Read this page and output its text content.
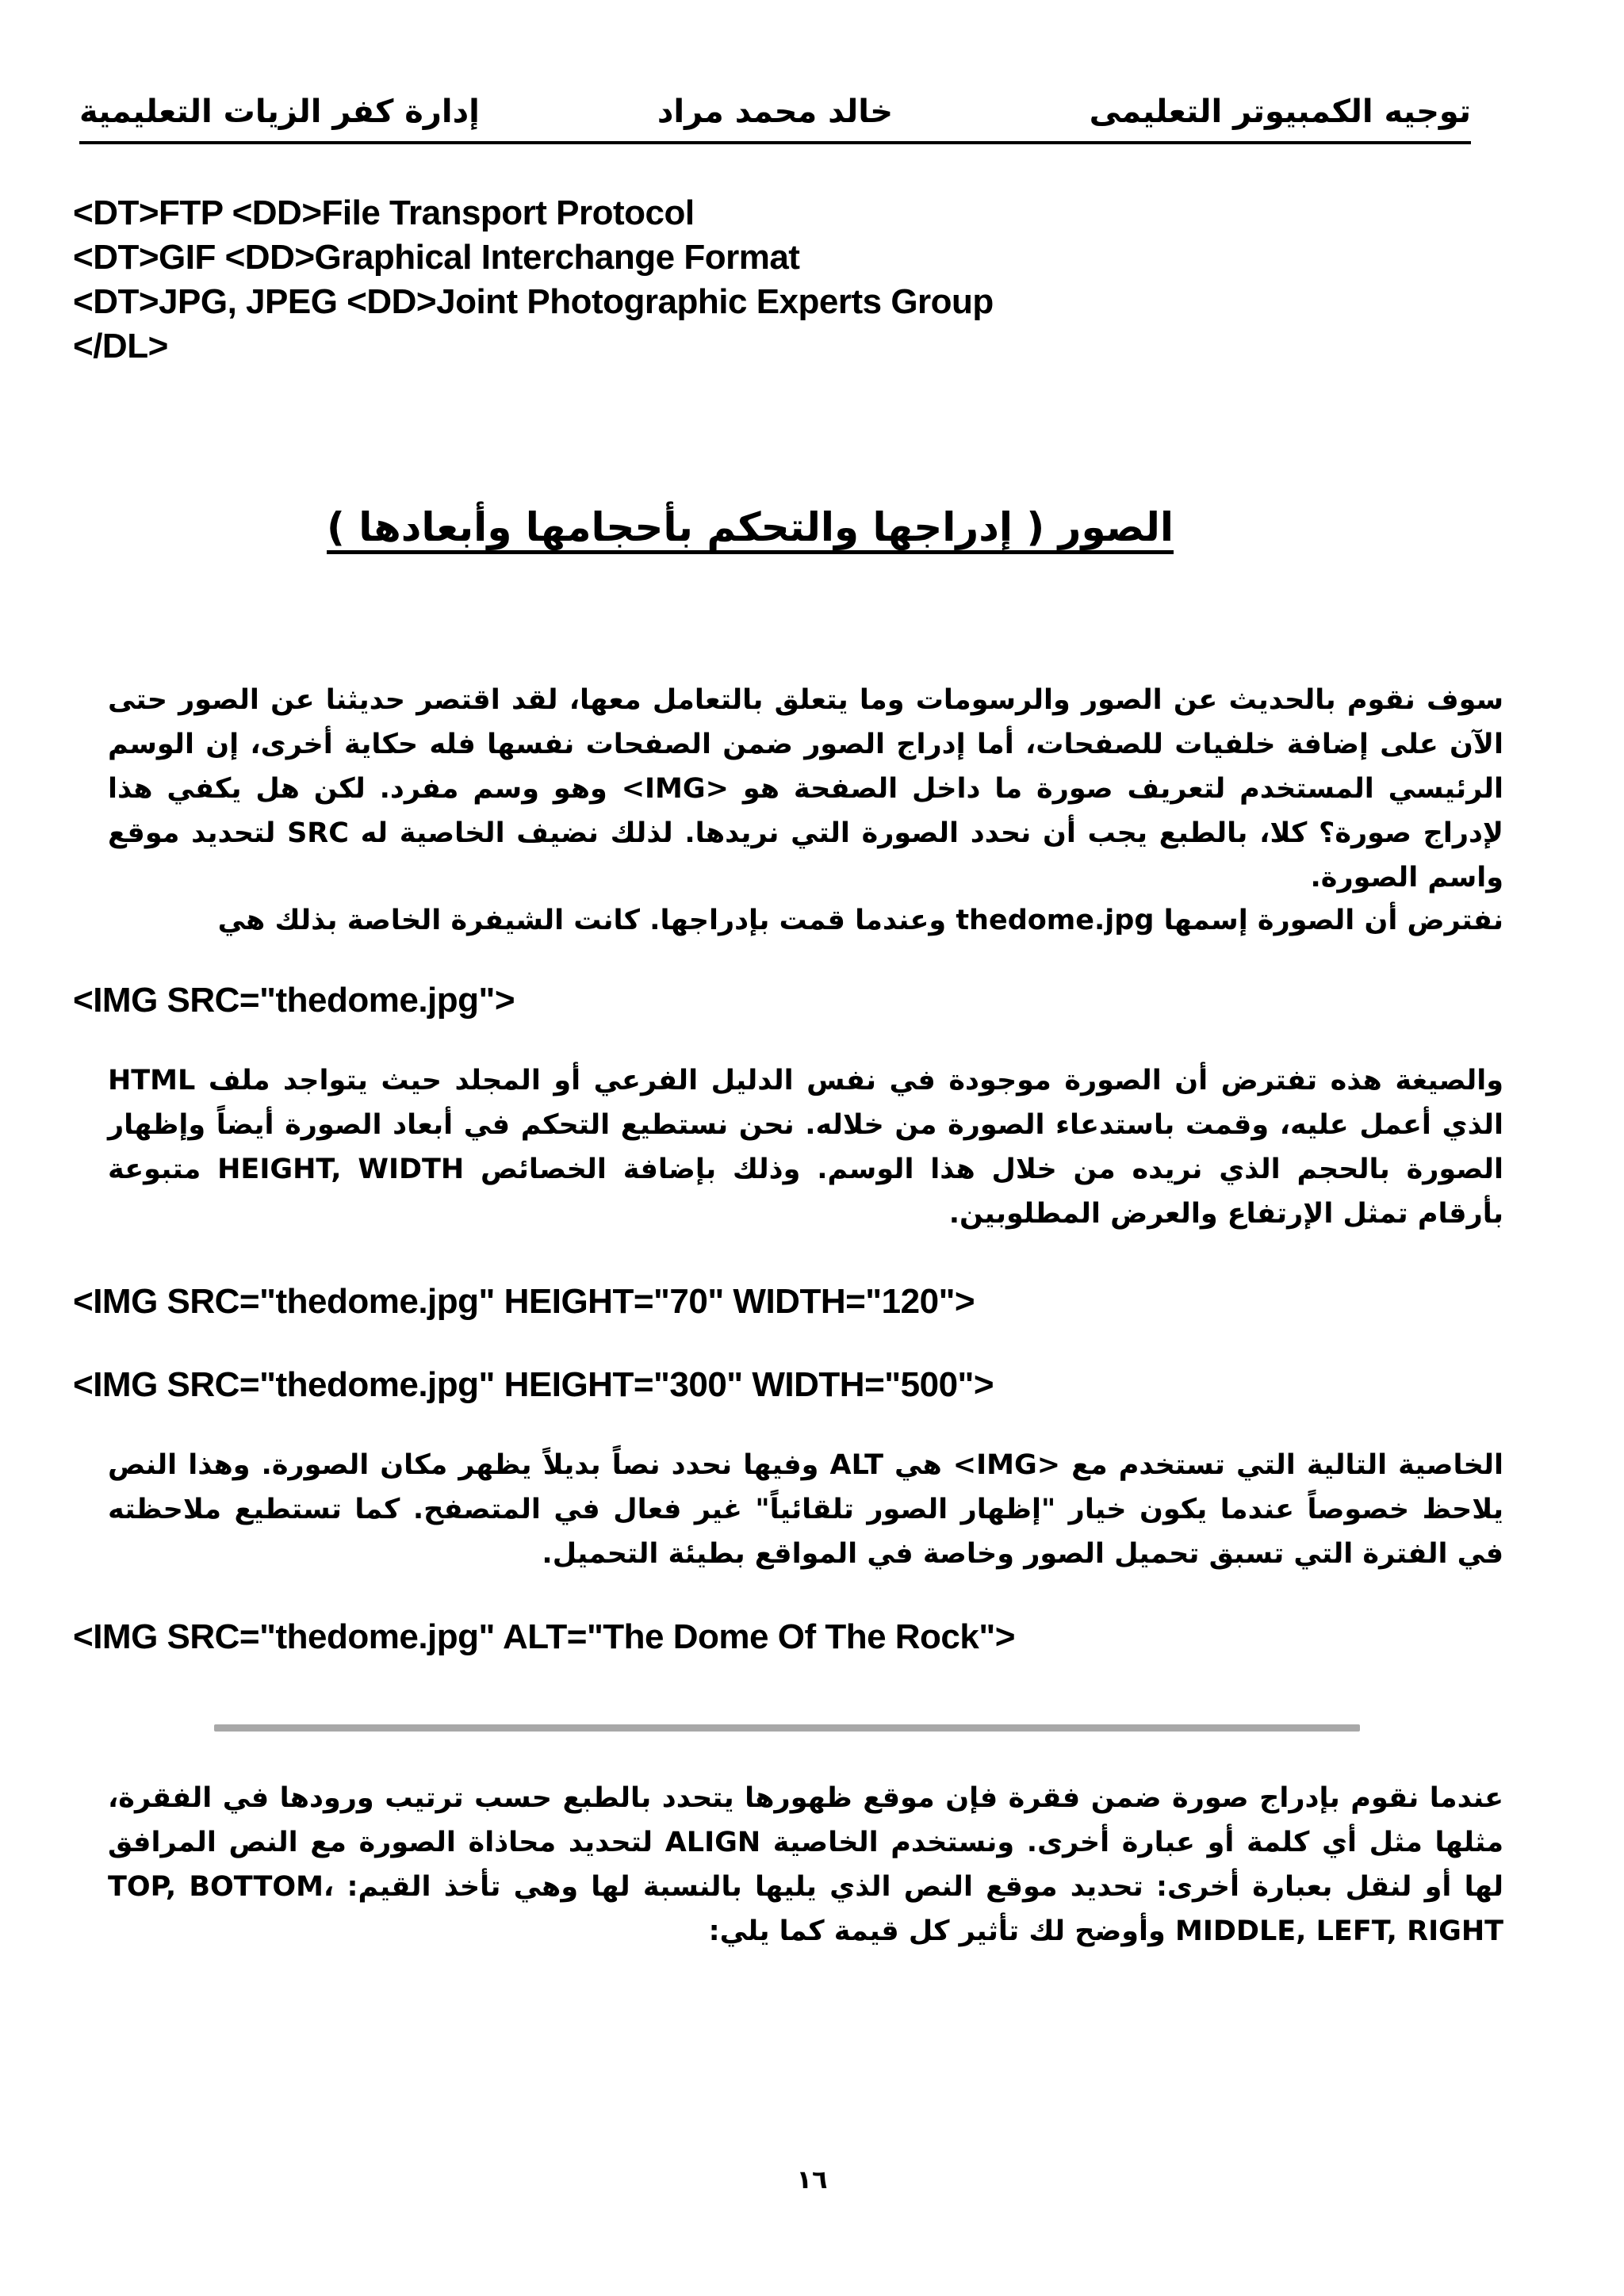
توجيه الكمبيوتر التعليمى
خالد محمد مراد
إدارة كفر الزيات التعليمية
<DT>FTP <DD>File Transport Protocol
<DT>GIF <DD>Graphical Interchange Format
<DT>JPG, JPEG <DD>Joint Photographic Experts Group
</DL>
الصور ( إدراجها والتحكم بأحجامها وأبعادها )
سوف نقوم بالحديث عن الصور والرسومات وما يتعلق بالتعامل معها، لقد اقتصر حديثنا عن الصور حتى الآن على إضافة خلفيات للصفحات، أما إدراج الصور ضمن الصفحات نفسها فله حكاية أخرى، إن الوسم الرئيسي المستخدم لتعريف صورة ما داخل الصفحة هو <IMG> وهو وسم مفرد. لكن هل يكفي هذا لإدراج صورة؟ كلا، بالطبع يجب أن نحدد الصورة التي نريدها. لذلك نضيف الخاصية له SRC لتحديد موقع واسم الصورة.
نفترض أن الصورة إسمها thedome.jpg وعندما قمت بإدراجها. كانت الشيفرة الخاصة بذلك هي
<IMG SRC="thedome.jpg">
والصيغة هذه تفترض أن الصورة موجودة في نفس الدليل الفرعي أو المجلد حيث يتواجد ملف HTML الذي أعمل عليه، وقمت باستدعاء الصورة من خلاله. نحن نستطيع التحكم في أبعاد الصورة أيضاً وإظهار الصورة بالحجم الذي نريده من خلال هذا الوسم. وذلك بإضافة الخصائص HEIGHT, WIDTH متبوعة بأرقام تمثل الإرتفاع والعرض المطلوبين.
<IMG SRC="thedome.jpg" HEIGHT="70" WIDTH="120">
<IMG SRC="thedome.jpg" HEIGHT="300" WIDTH="500">
الخاصية التالية التي تستخدم مع <IMG> هي ALT وفيها نحدد نصاً بديلاً يظهر مكان الصورة. وهذا النص يلاحظ خصوصاً عندما يكون خيار "إظهار الصور تلقائياً" غير فعال في المتصفح. كما تستطيع ملاحظته في الفترة التي تسبق تحميل الصور وخاصة في المواقع بطيئة التحميل.
<IMG SRC="thedome.jpg" ALT="The Dome Of The Rock">
عندما نقوم بإدراج صورة ضمن فقرة فإن موقع ظهورها يتحدد بالطبع حسب ترتيب ورودها في الفقرة، مثلها مثل أي كلمة أو عبارة أخرى. ونستخدم الخاصية ALIGN لتحديد محاذاة الصورة مع النص المرافق لها أو لنقل بعبارة أخرى: تحديد موقع النص الذي يليها بالنسبة لها وهي تأخذ القيم: TOP, BOTTOM، MIDDLE, LEFT, RIGHT وأوضح لك تأثير كل قيمة كما يلي:
١٦
